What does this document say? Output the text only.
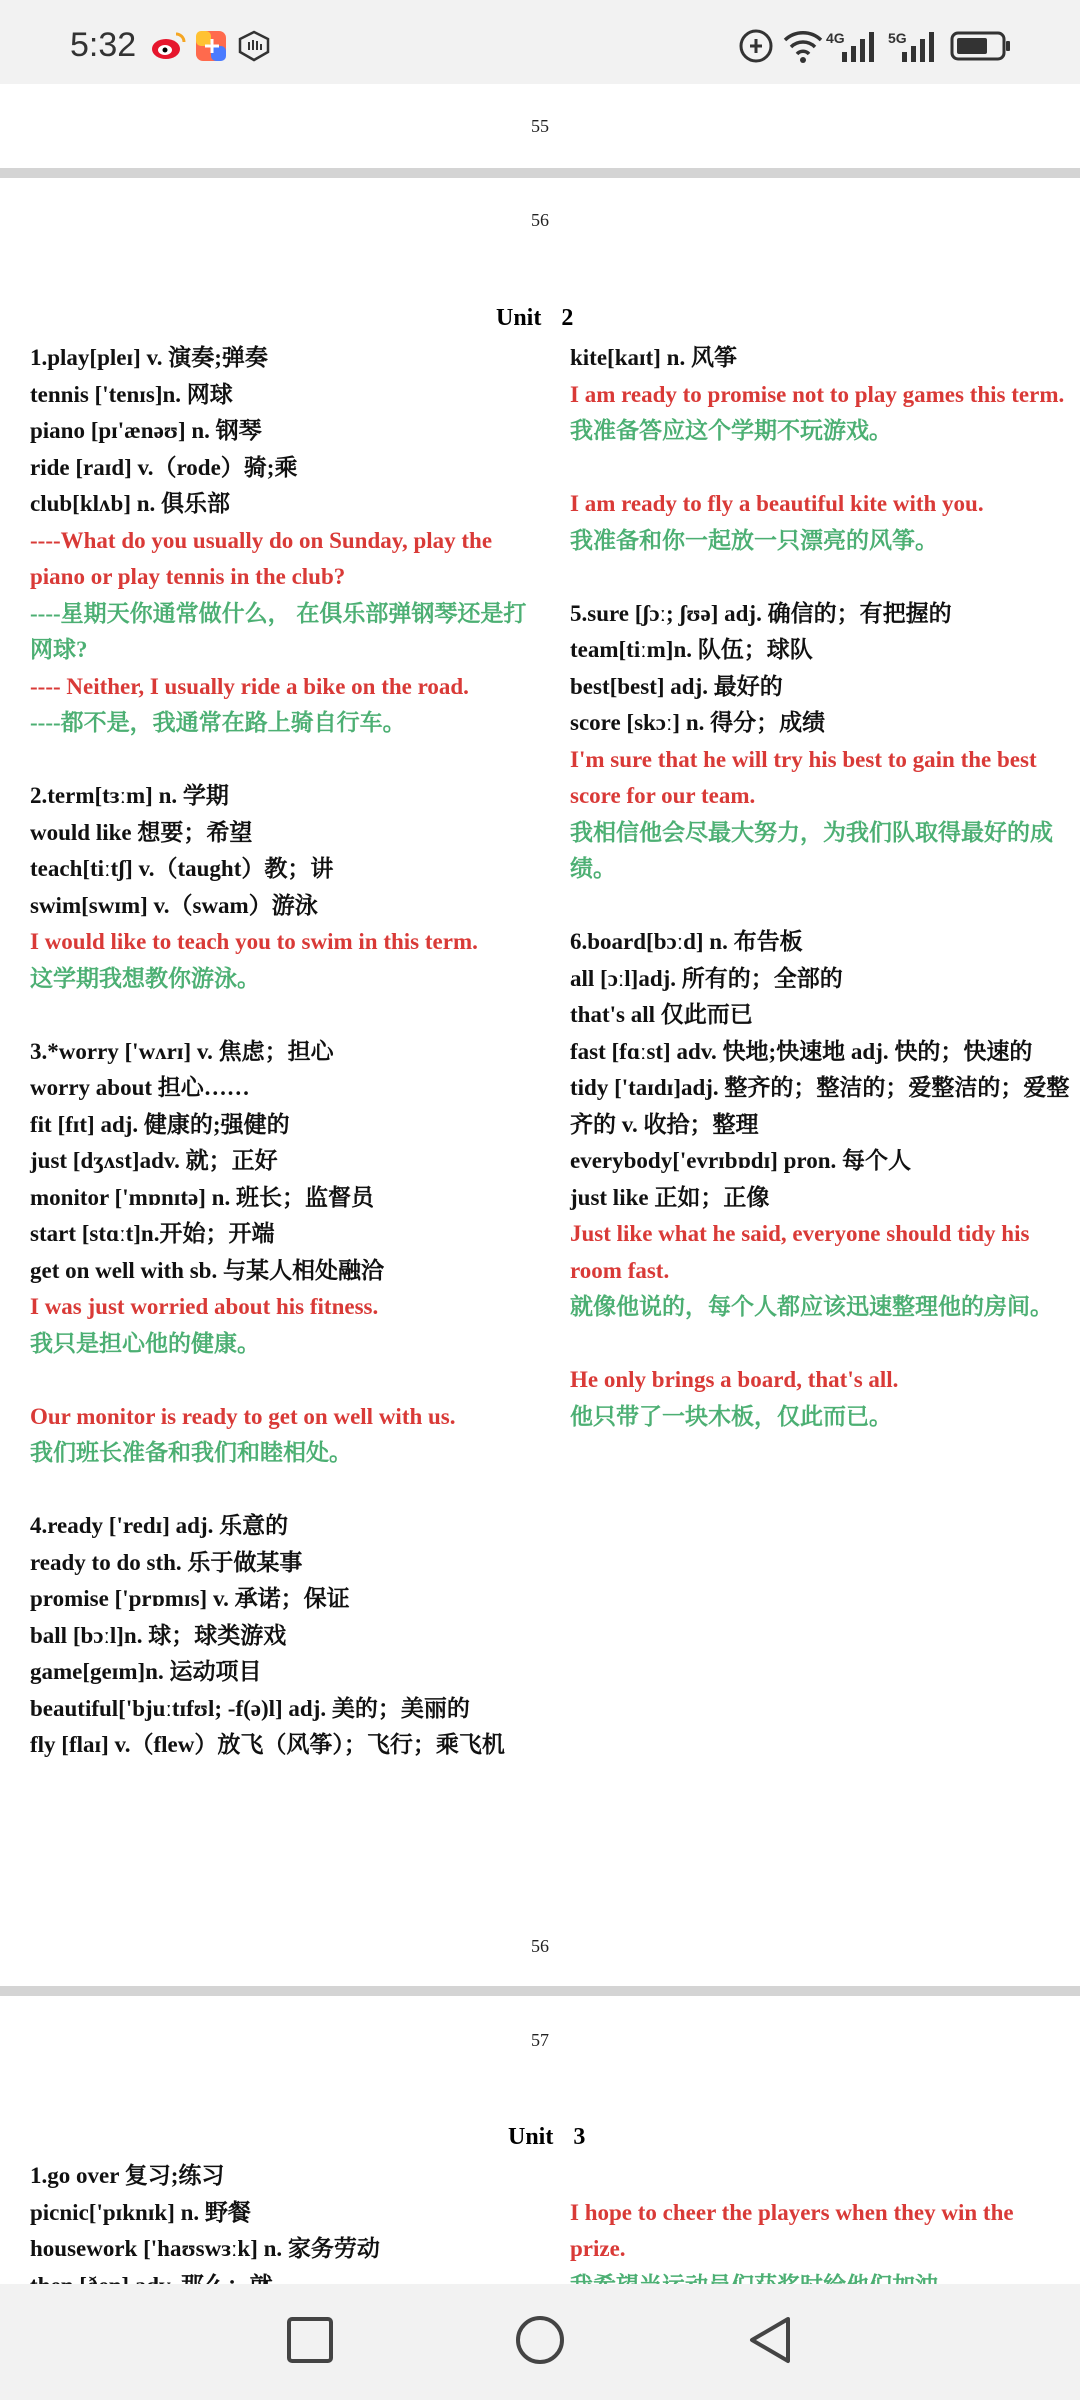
5:32	4G	5G
55
56
Unit 2
1.play[pleɪ] v. 演奏;弹奏
tennis ['tenɪs]n. 网球
piano [pɪ'ænəʊ] n. 钢琴
ride [raɪd] v.（rode）骑;乘
club[klʌb] n. 俱乐部
----What do you usually do on Sunday, play the piano or play tennis in the club?
----星期天你通常做什么， 在俱乐部弹钢琴还是打网球?
---- Neither, I usually ride a bike on the road.
----都不是，我通常在路上骑自行车。
2.term[tɜːm] n. 学期
would like 想要；希望
teach[tiːtʃ] v.（taught）教；讲
swim[swɪm] v.（swam）游泳
I would like to teach you to swim in this term.
这学期我想教你游泳。
3.*worry ['wʌrɪ] v. 焦虑；担心
worry about 担心……
fit [fɪt] adj. 健康的;强健的
just [dʒʌst]adv. 就；正好
monitor ['mɒnɪtə] n. 班长；监督员
start [stɑːt]n.开始；开端
get on well with sb. 与某人相处融洽
I was just worried about his fitness.
我只是担心他的健康。
Our monitor is ready to get on well with us.
我们班长准备和我们和睦相处。
4.ready ['redɪ] adj. 乐意的
ready to do sth. 乐于做某事
promise ['prɒmɪs] v. 承诺；保证
ball [bɔːl]n. 球；球类游戏
game[geɪm]n. 运动项目
beautiful['bjuːtɪfʊl; -f(ə)l] adj. 美的；美丽的
fly [flaɪ] v.（flew）放飞（风筝）；飞行；乘飞机
kite[kaɪt] n. 风筝
I am ready to promise not to play games this term.
我准备答应这个学期不玩游戏。
I am ready to fly a beautiful kite with you.
我准备和你一起放一只漂亮的风筝。
5.sure [ʃɔː; ʃʊə] adj. 确信的；有把握的
team[tiːm]n. 队伍；球队
best[best] adj. 最好的
score [skɔː] n. 得分；成绩
I'm sure that he will try his best to gain the best score for our team.
我相信他会尽最大努力，为我们队取得最好的成绩。
6.board[bɔːd] n. 布告板
all [ɔːl]adj. 所有的；全部的
that's all 仅此而已
fast [fɑːst] adv. 快地;快速地 adj. 快的；快速的
tidy ['taɪdɪ]adj. 整齐的；整洁的；爱整洁的；爱整齐的 v. 收拾；整理
everybody['evrɪbɒdɪ] pron. 每个人
just like 正如；正像
Just like what he said, everyone should tidy his room fast.
就像他说的，每个人都应该迅速整理他的房间。
He only brings a board, that's all.
他只带了一块木板，仅此而已。
56
57
Unit 3
1.go over 复习;练习
picnic['pɪknɪk] n. 野餐
housework ['haʊswɜːk] n. 家务劳动
I hope to cheer the players when they win the prize.
